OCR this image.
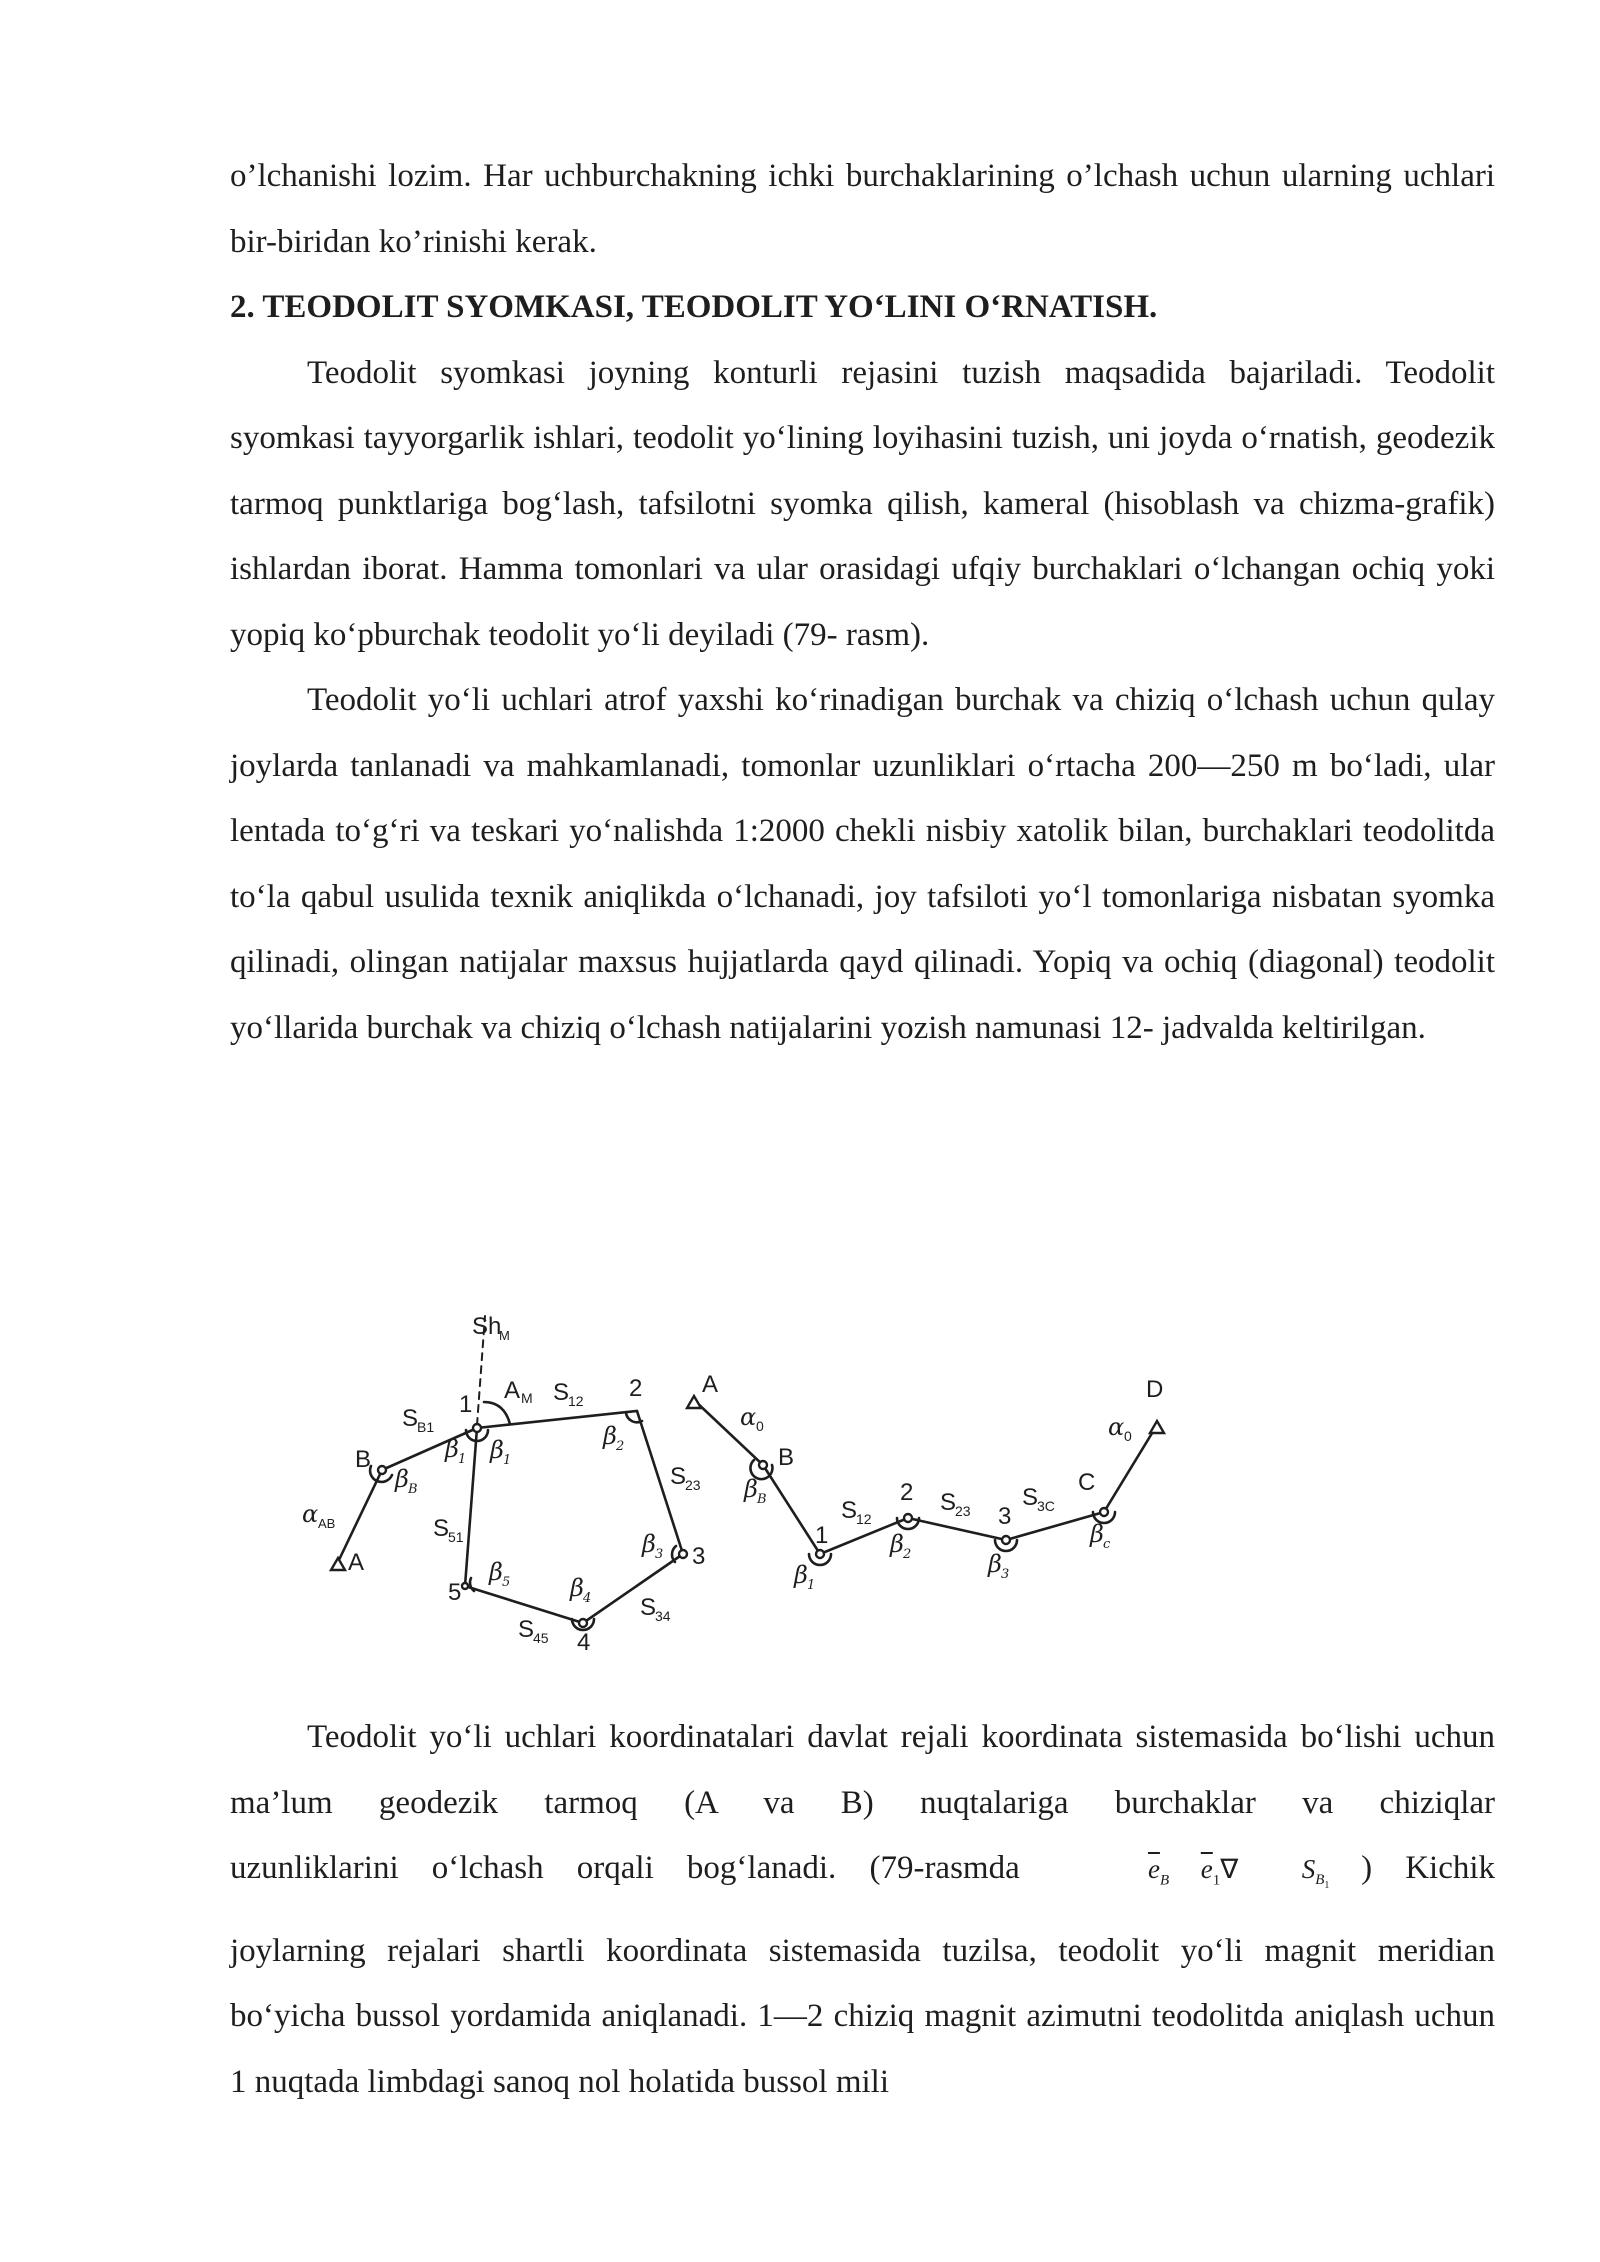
o’lchanishi lozim. Har uchburchakning ichki burchaklarining o’lchash uchun ularning uchlari bir-biridan ko’rinishi kerak.

2. TEODOLIT SYOMKASI, TEODOLIT YO‘LINI O‘RNATISH.

Teodolit syomkasi joyning konturli rejasini tuzish maqsadida bajariladi. Teodolit syomkasi tayyorgarlik ishlari, teodolit yo‘lining loyihasini tuzish, uni joyda o‘rnatish, geodezik tarmoq punktlariga bog‘lash, tafsilotni syomka qilish, kameral (hisoblash va chizma-grafik) ishlardan iborat. Hamma tomonlari va ular orasidagi ufqiy burchaklari o‘lchangan ochiq yoki yopiq ko‘pburchak teodolit yo‘li deyiladi (79- rasm).

Teodolit yo‘li uchlari atrof yaxshi ko‘rinadigan burchak va chiziq o‘lchash uchun qulay joylarda tanlanadi va mahkamlanadi, tomonlar uzunliklari o‘rtacha 200—250 m bo‘ladi, ular lentada to‘g‘ri va teskari yo‘nalishda 1:2000 chekli nisbiy xatolik bilan, burchaklari teodolitda to‘la qabul usulida texnik aniqlikda o‘lchanadi, joy tafsiloti yo‘l tomonlariga nisbatan syomka qilinadi, olingan natijalar maxsus hujjatlarda qayd qilinadi. Yopiq va ochiq (diagonal) teodolit yo‘llarida burchak va chiziq o‘lchash natijalarini yozish namunasi 12- jadvalda keltirilgan.

Sh
M
1
A M S
12 2
S
B1
B	β 1 β 1
β 2
S
23
β B
α AB
A
S
51	β 3 3
β 5
5	β 4 S
34
S
45 4
A
α 0
B
β B
1
S
12
2 S
23 3
S
3C
C
α 0
D
β 1
β 2	β 3
β c

Teodolit yo‘li uchlari koordinatalari davlat rejali koordinata sistemasida bo‘lishi uchun ma’lum geodezik tarmoq (A va B) nuqtalariga burchaklar va chiziqlar

uzunliklarini o‘lchash orqali bog‘lanadi. (79-rasmda	$\overline{e}_B$ $\overline{e}_1\nabla$ $S_{B_1}$ ) Kichik

joylarning rejalari shartli koordinata sistemasida tuzilsa, teodolit yo‘li magnit meridian bo‘yicha bussol yordamida aniqlanadi. 1—2 chiziq magnit azimutni teodolitda aniqlash uchun 1 nuqtada limbdagi sanoq nol holatida bussol mili
